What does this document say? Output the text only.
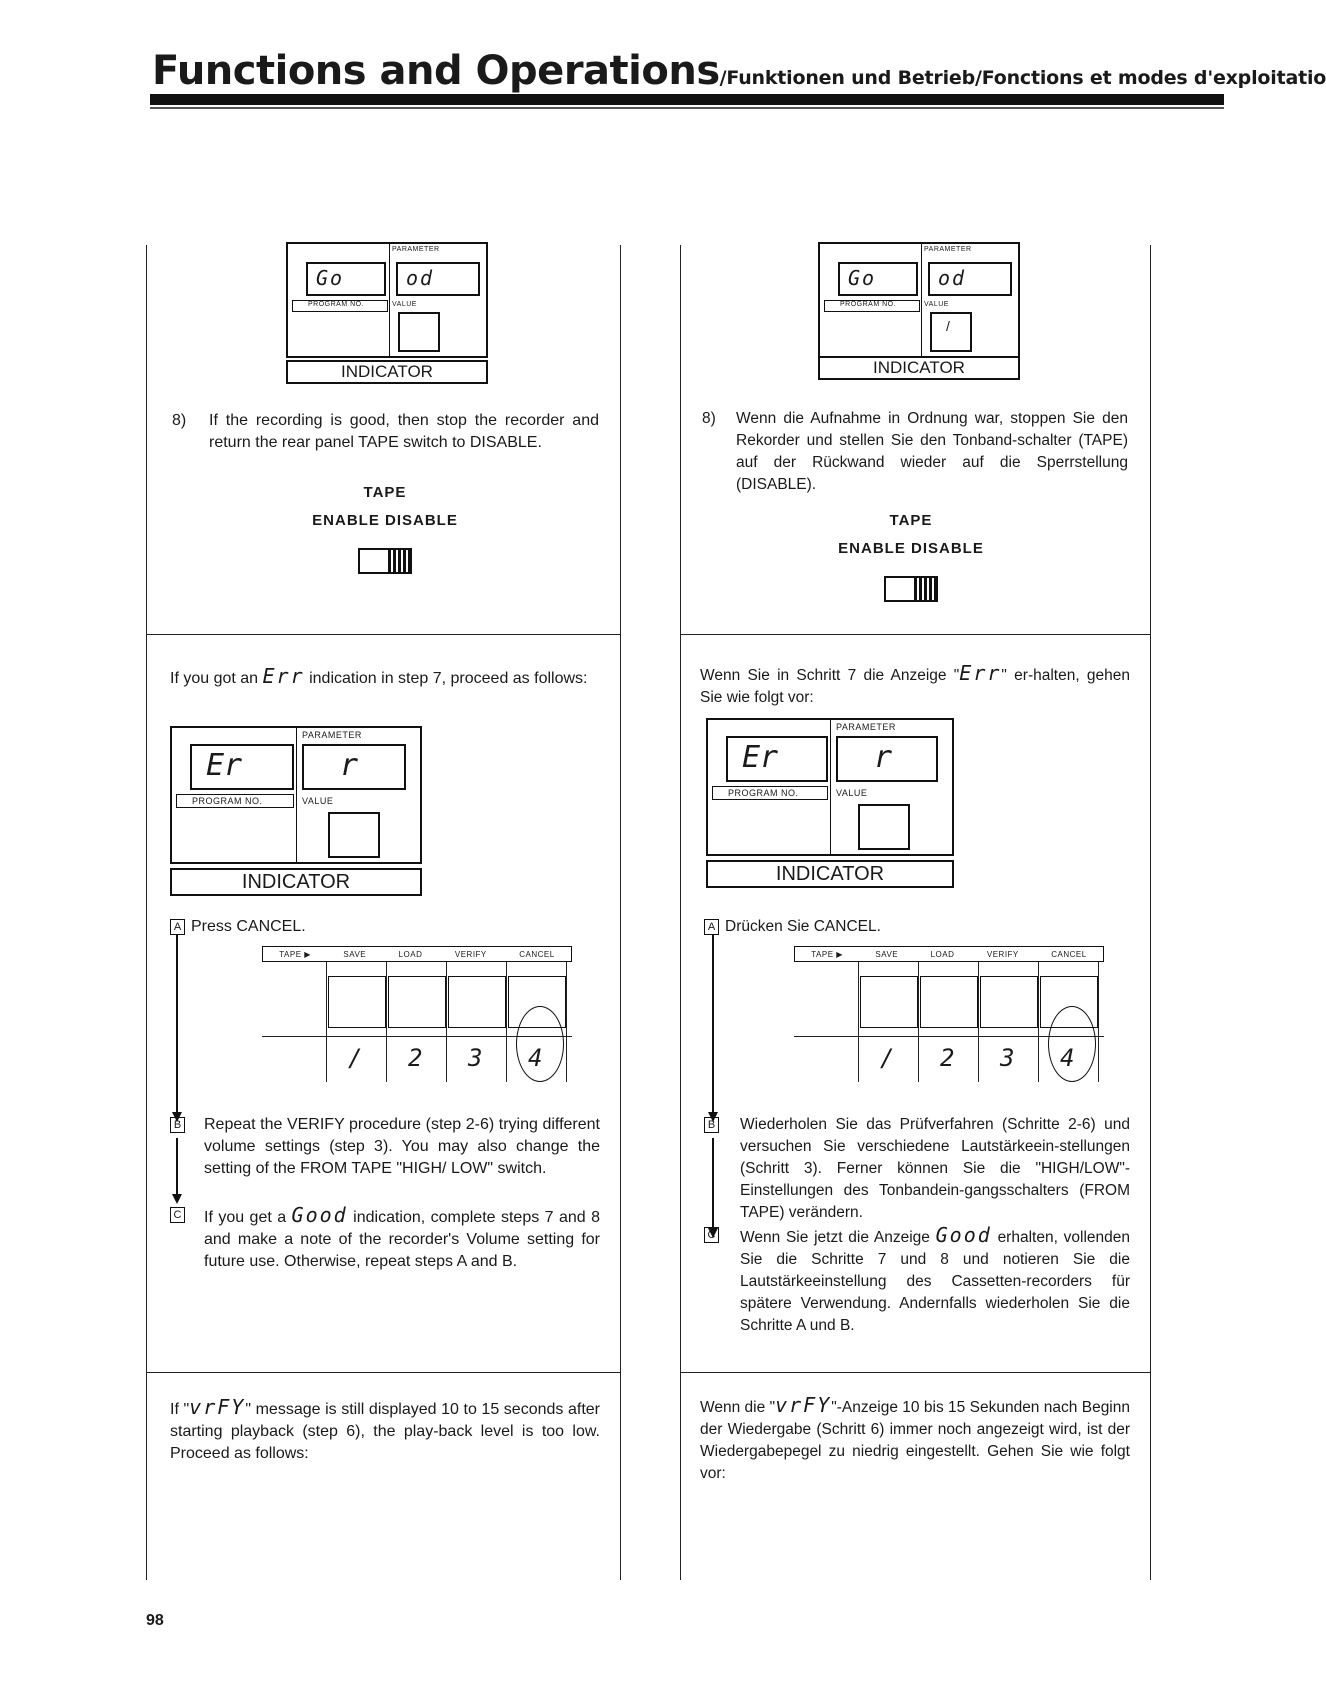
Functions and Operations/Funktionen und Betrieb/Fonctions et modes d'exploitatio
PARAMETER
Go	od
PROGRAM NO.	VALUE
INDICATOR
8)	If the recording is good, then stop the recorder and return the rear panel TAPE switch to DISABLE.
TAPE
ENABLE DISABLE
If you got an Err indication in step 7, proceed as follows:
PARAMETER
Er	r
PROGRAM NO.	VALUE
INDICATOR
A Press CANCEL.
TAPE ▶	SAVE	LOAD	VERIFY	CANCEL
/ 2 3 4
B	Repeat the VERIFY procedure (step 2-6) trying different volume settings (step 3). You may also change the setting of the FROM TAPE "HIGH/ LOW" switch.
C	If you get a Good indication, complete steps 7 and 8 and make a note of the recorder's Volume setting for future use. Otherwise, repeat steps A and B.
If "vrFY" message is still displayed 10 to 15 seconds after starting playback (step 6), the play-back level is too low. Proceed as follows:
PARAMETER
Go	od
PROGRAM NO.	VALUE
/
INDICATOR
8)	Wenn die Aufnahme in Ordnung war, stoppen Sie den Rekorder und stellen Sie den Tonband-schalter (TAPE) auf der Rückwand wieder auf die Sperrstellung (DISABLE).
TAPE
ENABLE DISABLE
Wenn Sie in Schritt 7 die Anzeige "Err" er-halten, gehen Sie wie folgt vor:
PARAMETER
Er	r
PROGRAM NO.	VALUE
INDICATOR
A Drücken Sie CANCEL.
TAPE ▶	SAVE	LOAD	VERIFY	CANCEL
/ 2 3 4
B	Wiederholen Sie das Prüfverfahren (Schritte 2-6) und versuchen Sie verschiedene Lautstärkeein-stellungen (Schritt 3). Ferner können Sie die "HIGH/LOW"-Einstellungen des Tonbandein-gangsschalters (FROM TAPE) verändern.
C	Wenn Sie jetzt die Anzeige Good erhalten, vollenden Sie die Schritte 7 und 8 und notieren Sie die Lautstärkeeinstellung des Cassetten-recorders für spätere Verwendung. Andernfalls wiederholen Sie die Schritte A und B.
Wenn die "vrFY"-Anzeige 10 bis 15 Sekunden nach Beginn der Wiedergabe (Schritt 6) immer noch angezeigt wird, ist der Wiedergabepegel zu niedrig eingestellt. Gehen Sie wie folgt vor:
98
